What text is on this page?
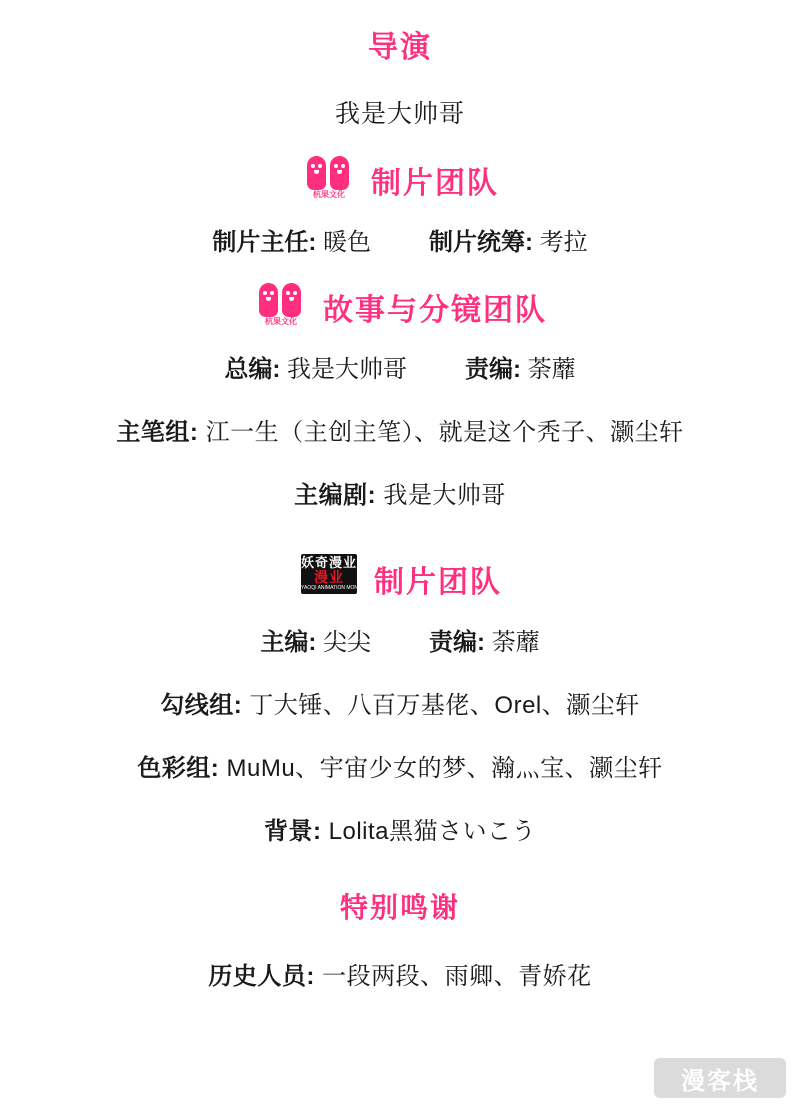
导演
我是大帅哥
杭果文化 制片团队
制片主任: 暖色 制片统筹: 考拉
杭果文化 故事与分镜团队
总编: 我是大帅哥 责编: 荼蘼
主笔组: 江一生（主创主笔）、就是这个秃子、灏尘轩
主编剧: 我是大帅哥
妖奇漫业
漫业
YAOQI ANIMATION MONSTER 制片团队
主编: 尖尖 责编: 荼蘼
勾线组: 丁大锤、八百万基佬、Orel、灏尘轩
色彩组: MuMu、宇宙少女的梦、瀚灬宝、灏尘轩
背景: Lolita黑猫さいこう
特别鸣谢
历史人员: 一段两段、雨卿、青娇花
漫客栈
